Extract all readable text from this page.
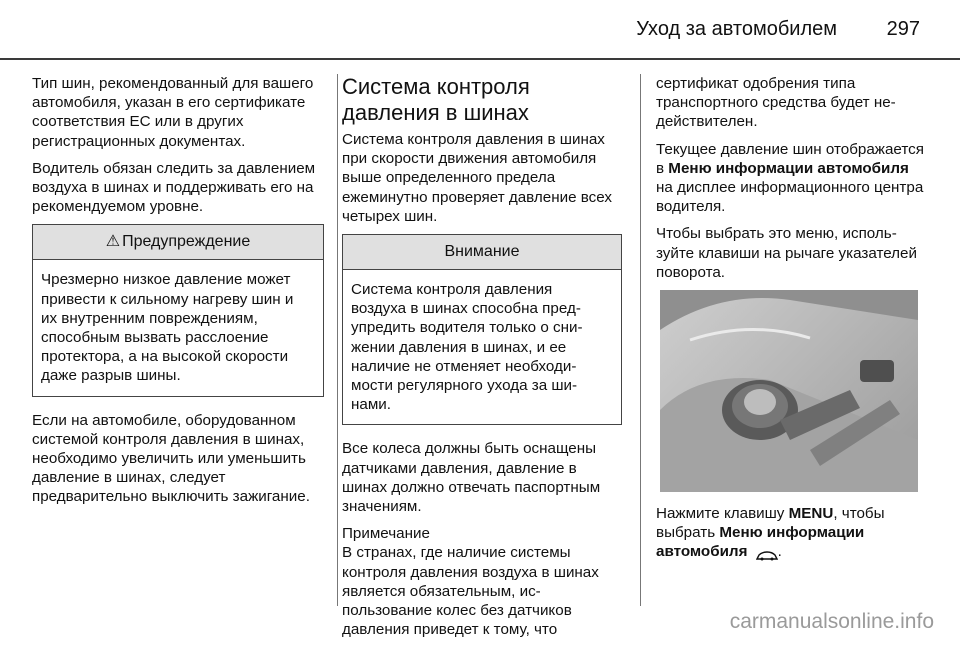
Уход за автомобилем 297

Тип шин, рекомендованный для вашего автомобиля, указан в его сертификате соответствия ЕС или в других регистрационных документах.

Водитель обязан следить за давлением воздуха в шинах и поддерживать его на рекомендуемом уровне.

⚠ Предупреждение

Чрезмерно низкое давление может привести к сильному нагреву шин и их внутренним повреждениям, способным вызвать расслоение протектора, а на высокой скорости даже разрыв шины.

Если на автомобиле, оборудованном системой контроля давления в шинах, необходимо увеличить или уменьшить давление в шинах, следует предварительно выключить зажигание.

Система контроля давления в шинах

Система контроля давления в шинах при скорости движения автомобиля выше определенного предела ежеминутно проверяет давление всех четырех шин.

Внимание

Система контроля давления воздуха в шинах способна предупредить водителя только о снижении давления в шинах, и ее наличие не отменяет необходимости регулярного ухода за шинами.

Все колеса должны быть оснащены датчиками давления, давление в шинах должно отвечать паспортным значениям.

Примечание

В странах, где наличие системы контроля давления воздуха в шинах является обязательным, использование колес без датчиков давления приведет к тому, что

сертификат одобрения типа транспортного средства будет недействителен.

Текущее давление шин отображается в Меню информации автомобиля на дисплее информационного центра водителя.

Чтобы выбрать это меню, используйте клавиши на рычаге указателей поворота.

Нажмите клавишу MENU, чтобы выбрать Меню информации автомобиля .

carmanualsonline.info
